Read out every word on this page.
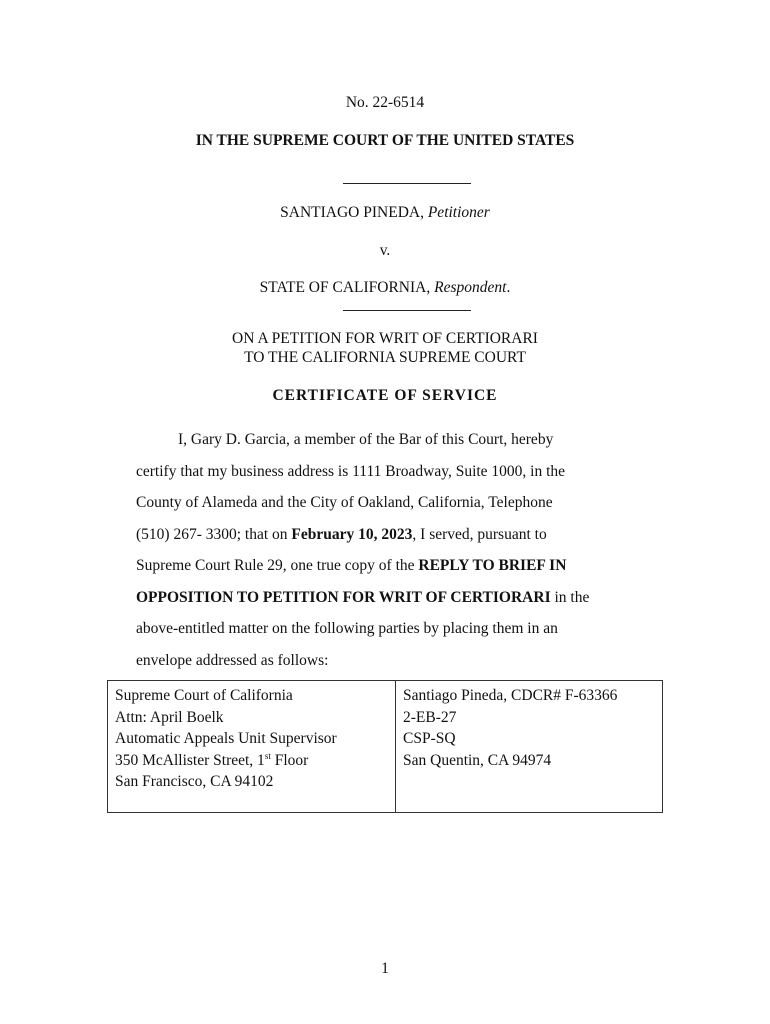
No. 22-6514
IN THE SUPREME COURT OF THE UNITED STATES
SANTIAGO PINEDA, Petitioner
v.
STATE OF CALIFORNIA, Respondent.
ON A PETITION FOR WRIT OF CERTIORARI
TO THE CALIFORNIA SUPREME COURT
CERTIFICATE OF SERVICE
I, Gary D. Garcia, a member of the Bar of this Court, hereby
certify that my business address is 1111 Broadway, Suite 1000, in the
County of Alameda and the City of Oakland, California, Telephone
(510) 267- 3300; that on February 10, 2023, I served, pursuant to
Supreme Court Rule 29, one true copy of the REPLY TO BRIEF IN
OPPOSITION TO PETITION FOR WRIT OF CERTIORARI in the
above-entitled matter on the following parties by placing them in an
envelope addressed as follows:
Supreme Court of California
Attn: April Boelk
Automatic Appeals Unit Supervisor
350 McAllister Street, 1st Floor
San Francisco, CA 94102

Santiago Pineda, CDCR# F-63366
2-EB-27
CSP-SQ
San Quentin, CA 94974
1
